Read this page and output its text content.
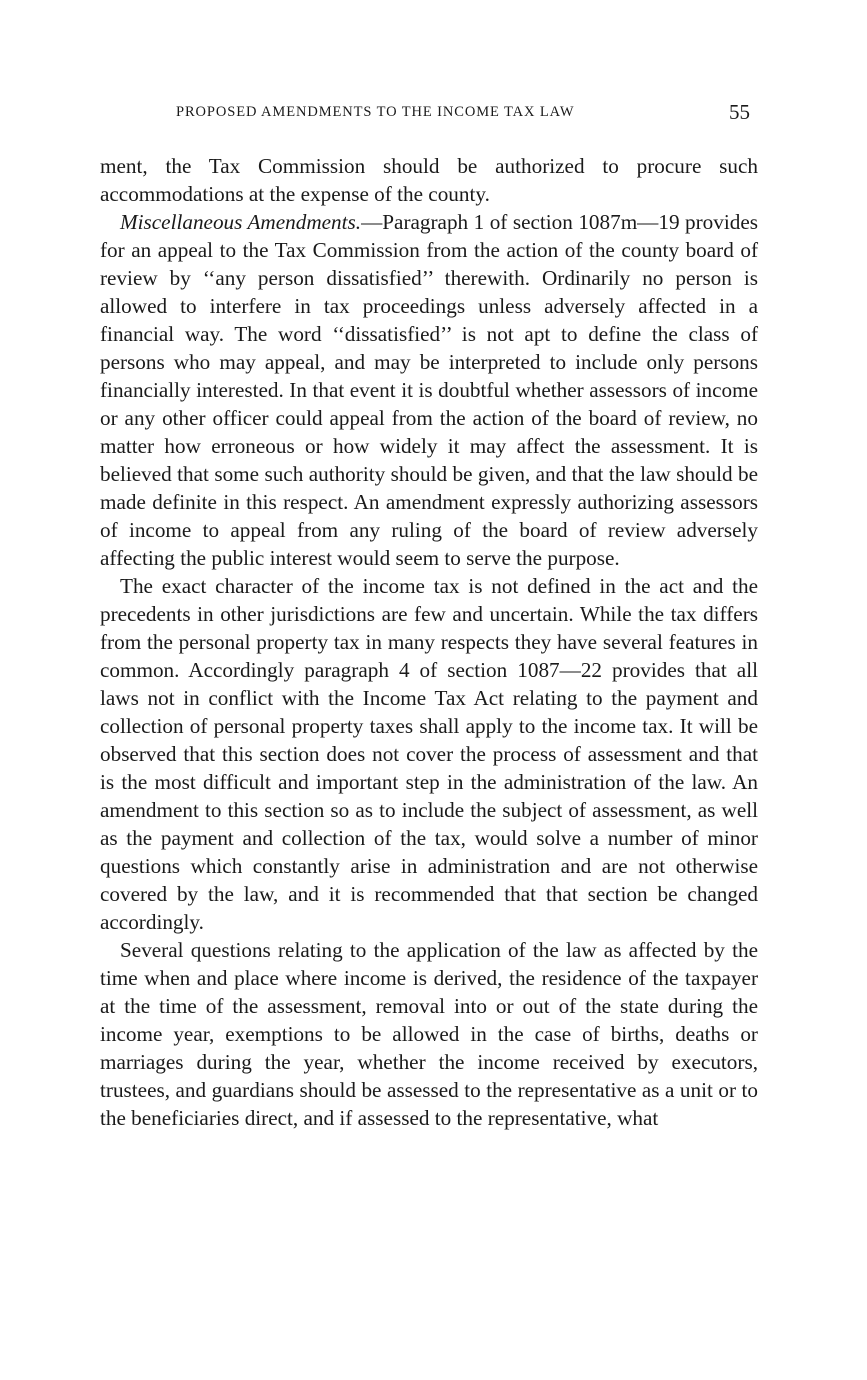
PROPOSED AMENDMENTS TO THE INCOME TAX LAW	55

ment, the Tax Commission should be authorized to procure such accommodations at the expense of the county.

Miscellaneous Amendments.—Paragraph 1 of section 1087m—19 provides for an appeal to the Tax Commission from the action of the county board of review by ‘‘any person dissatisfied’’ therewith. Ordinarily no person is allowed to interfere in tax proceedings unless adversely affected in a financial way. The word ‘‘dissatisfied’’ is not apt to define the class of persons who may appeal, and may be interpreted to include only persons financially interested. In that event it is doubtful whether assessors of income or any other officer could appeal from the action of the board of review, no matter how erroneous or how widely it may affect the assessment. It is believed that some such authority should be given, and that the law should be made definite in this respect. An amendment expressly authorizing assessors of income to appeal from any ruling of the board of review adversely affecting the public interest would seem to serve the purpose.

The exact character of the income tax is not defined in the act and the precedents in other jurisdictions are few and uncertain. While the tax differs from the personal property tax in many respects they have several features in common. Accordingly paragraph 4 of section 1087—22 provides that all laws not in conflict with the Income Tax Act relating to the payment and collection of personal property taxes shall apply to the income tax. It will be observed that this section does not cover the process of assessment and that is the most difficult and important step in the administration of the law. An amendment to this section so as to include the subject of assessment, as well as the payment and collection of the tax, would solve a number of minor questions which constantly arise in administration and are not otherwise covered by the law, and it is recommended that that section be changed accordingly.

Several questions relating to the application of the law as affected by the time when and place where income is derived, the residence of the taxpayer at the time of the assessment, removal into or out of the state during the income year, exemptions to be allowed in the case of births, deaths or marriages during the year, whether the income received by executors, trustees, and guardians should be assessed to the representative as a unit or to the beneficiaries direct, and if assessed to the representative, what
